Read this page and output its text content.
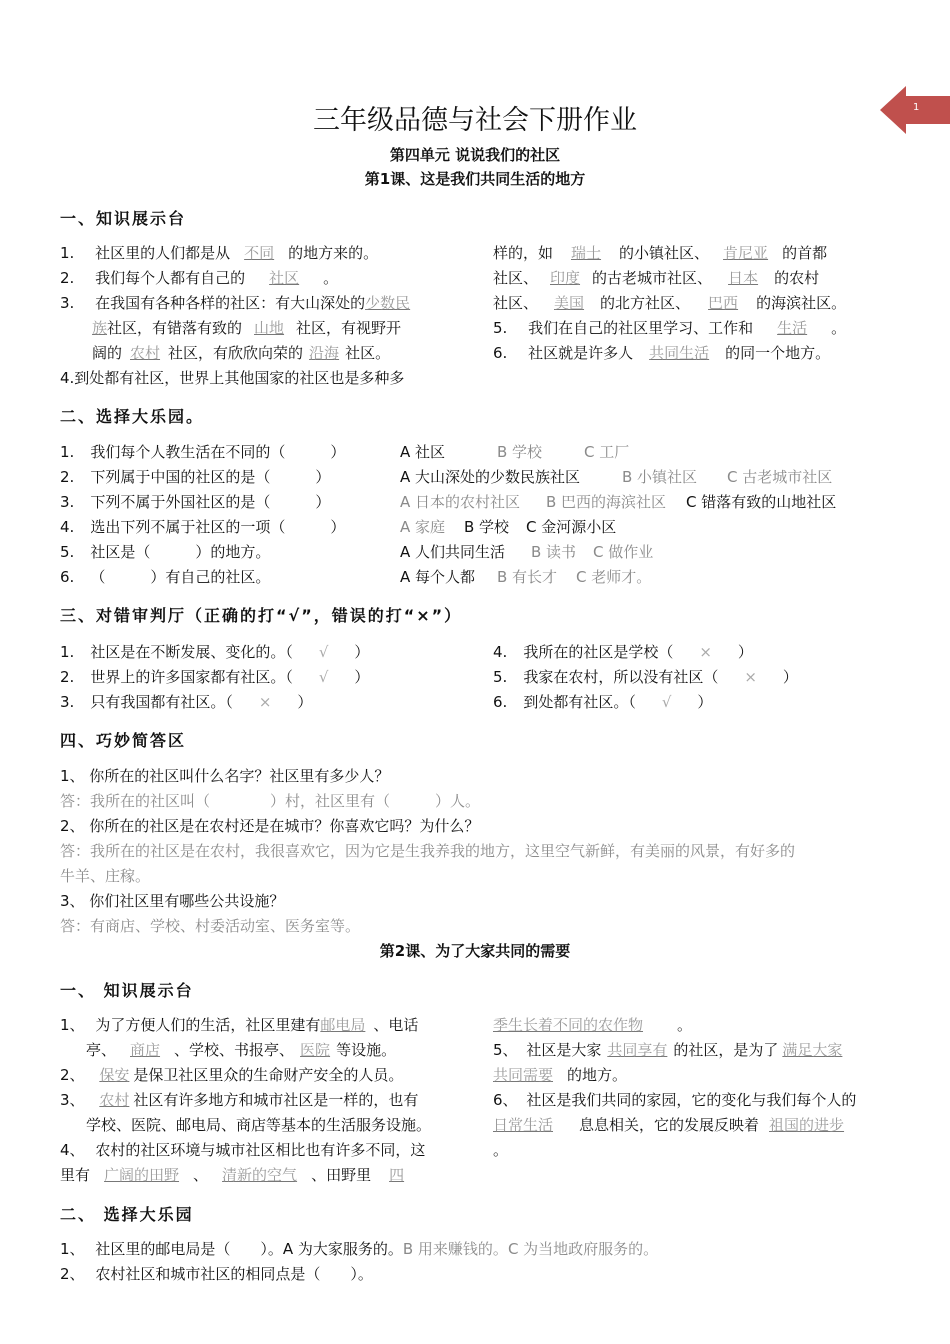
1
三年级品德与社会下册作业
第四单元 说说我们的社区
第1课、这是我们共同生活的地方
一、知识展示台
1. 社区里的人们都是从 不同 的地方来的。
2. 我们每个人都有自己的 社区 。
3. 在我国有各种各样的社区：有大山深处的少数民
族社区，有错落有致的 山地 社区，有视野开
阔的 农村 社区，有欣欣向荣的 沿海 社区。
4.到处都有社区，世界上其他国家的社区也是多种多
样的，如 瑞士 的小镇社区、 肯尼亚 的首都
社区、 印度 的古老城市社区、 日本 的农村
社区、 美国 的北方社区、 巴西 的海滨社区。
5. 我们在自己的社区里学习、工作和 生活 。
6. 社区就是许多人 共同生活 的同一个地方。
二、选择大乐园。
1. 我们每个人教生活在不同的（　　　）	A 社区	B 学校	C 工厂
2. 下列属于中国的社区的是（　　　）	A 大山深处的少数民族社区	B 小镇社区 C 古老城市社区
3. 下列不属于外国社区的是（　　　）	A 日本的农村社区 B 巴西的海滨社区 C 错落有致的山地社区
4. 选出下列不属于社区的一项（　　　）	A 家庭 B 学校 C 金河源小区
5. 社区是（　　　）的地方。	A 人们共同生活 B 读书 C 做作业
6. （　　　）有自己的社区。	A 每个人都 B 有长才 C 老师才。
三、对错审判厅（正确的打“√”，错误的打“×”）
1. 社区是在不断发展、变化的。（ √ ）
2. 世界上的许多国家都有社区。（ √ ）
3. 只有我国都有社区。（ × ）
4. 我所在的社区是学校（ × ）
5. 我家在农村，所以没有社区（ × ）
6. 到处都有社区。（ √ ）
四、巧妙简答区
1、 你所在的社区叫什么名字？社区里有多少人？
答：我所在的社区叫（　　　　）村，社区里有（　　　）人。
2、 你所在的社区是在农村还是在城市？你喜欢它吗？为什么？
答：我所在的社区是在农村，我很喜欢它，因为它是生我养我的地方，这里空气新鲜，有美丽的风景，有好多的
牛羊、庄稼。
3、 你们社区里有哪些公共设施？
答：有商店、学校、村委活动室、医务室等。
第2课、为了大家共同的需要
一、 知识展示台
1、 为了方便人们的生活，社区里建有邮电局 、电话
亭、 商店 、学校、书报亭、 医院 等设施。
2、 保安 是保卫社区里众的生命财产安全的人员。
3、 农村 社区有许多地方和城市社区是一样的，也有
学校、医院、邮电局、商店等基本的生活服务设施。
4、 农村的社区环境与城市社区相比也有许多不同，这
里有 广阔的田野 、 清新的空气 、田野里 四
季生长着不同的农作物 。
5、 社区是大家 共同享有 的社区，是为了 满足大家
共同需要 的地方。
6、 社区是我们共同的家园，它的变化与我们每个人的
日常生活 息息相关，它的发展反映着 祖国的进步
。
二、 选择大乐园
1、 社区里的邮电局是（　　）。A 为大家服务的。B 用来赚钱的。C 为当地政府服务的。
2、 农村社区和城市社区的相同点是（　　）。
